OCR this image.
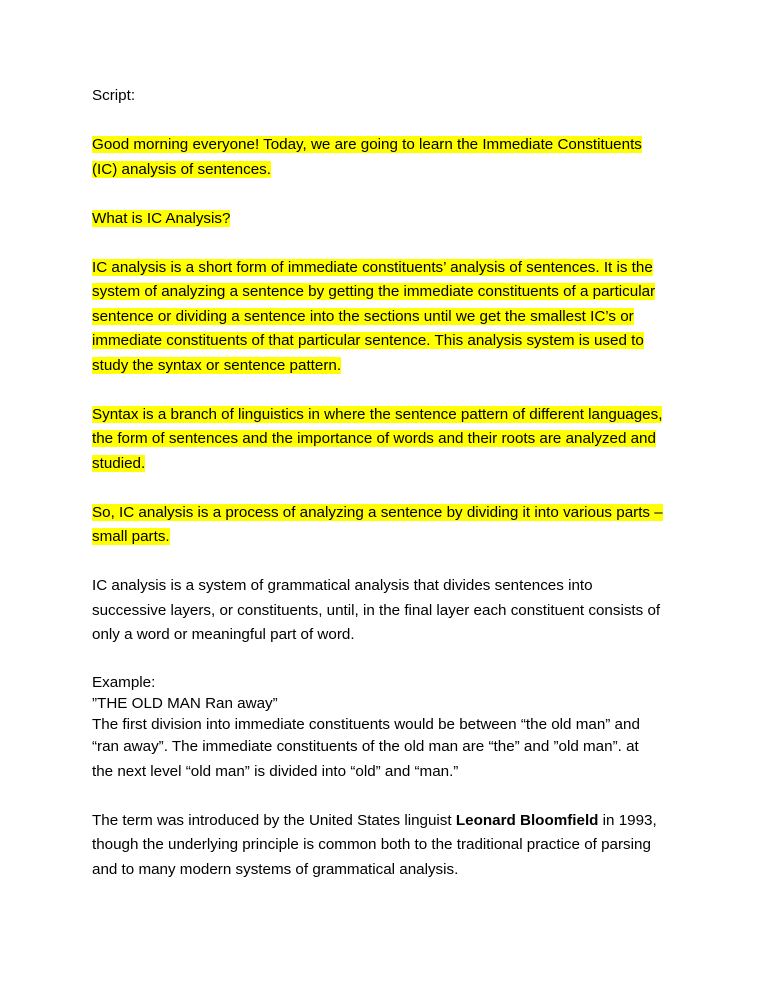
Script:
Good morning everyone! Today, we are going to learn the Immediate Constituents
(IC) analysis of sentences.
What is IC Analysis?
IC analysis is a short form of immediate constituents’ analysis of sentences. It is the
system of analyzing a sentence by getting the immediate constituents of a particular
sentence or dividing a sentence into the sections until we get the smallest IC’s or
immediate constituents of that particular sentence. This analysis system is used to
study the syntax or sentence pattern.
Syntax is a branch of linguistics in where the sentence pattern of different languages,
the form of sentences and the importance of words and their roots are analyzed and
studied.
So, IC analysis is a process of analyzing a sentence by dividing it into various parts –
small parts.
IC analysis is a system of grammatical analysis that divides sentences into
successive layers, or constituents, until, in the final layer each constituent consists of
only a word or meaningful part of word.
Example:
”THE OLD MAN Ran away”
The first division into immediate constituents would be between “the old man” and
“ran away”. The immediate constituents of the old man are “the” and ”old man”. at
the next level “old man” is divided into “old” and “man.”
The term was introduced by the United States linguist Leonard Bloomfield in 1993,
though the underlying principle is common both to the traditional practice of parsing
and to many modern systems of grammatical analysis.
